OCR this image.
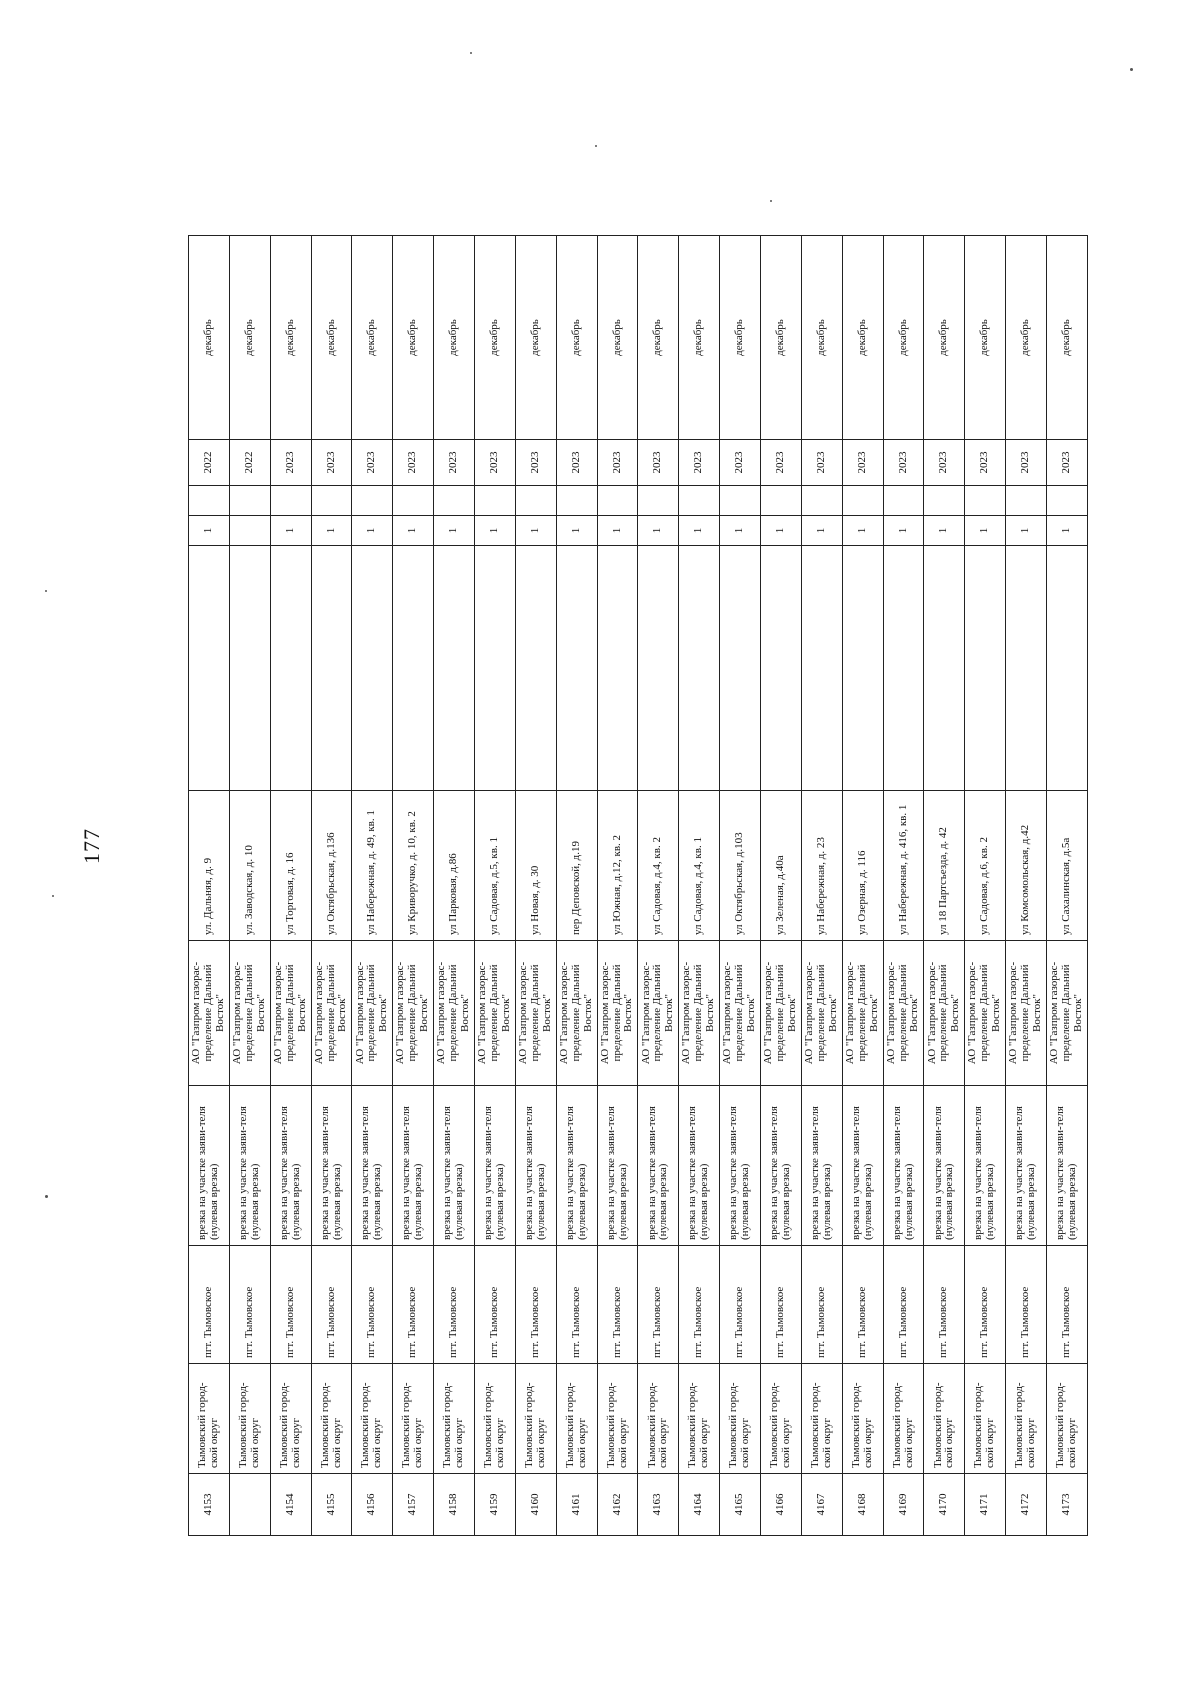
177
4153	Тымовский город-ской округ	пгт. Тымовское	врезка на участке заяви-теля (нулевая врезка)	АО "Газпром газорас-пределение Дальний Восток"	ул. Дальняя, д. 9		1		2022	декабрь
	Тымовский город-ской округ	пгт. Тымовское	врезка на участке заяви-теля (нулевая врезка)	АО "Газпром газорас-пределение Дальний Восток"	ул. Заводская, д. 10				2022	декабрь
4154	Тымовский город-ской округ	пгт. Тымовское	врезка на участке заяви-теля (нулевая врезка)	АО "Газпром газорас-пределение Дальний Восток"	ул Торговая, д. 16		1		2023	декабрь
4155	Тымовский город-ской округ	пгт. Тымовское	врезка на участке заяви-теля (нулевая врезка)	АО "Газпром газорас-пределение Дальний Восток"	ул Октябрьская, д.136		1		2023	декабрь
4156	Тымовский город-ской округ	пгт. Тымовское	врезка на участке заяви-теля (нулевая врезка)	АО "Газпром газорас-пределение Дальний Восток"	ул Набережная, д. 49, кв. 1		1		2023	декабрь
4157	Тымовский город-ской округ	пгт. Тымовское	врезка на участке заяви-теля (нулевая врезка)	АО "Газпром газорас-пределение Дальний Восток"	ул Криворучко, д. 10, кв. 2		1		2023	декабрь
4158	Тымовский город-ской округ	пгт. Тымовское	врезка на участке заяви-теля (нулевая врезка)	АО "Газпром газорас-пределение Дальний Восток"	ул Парковая, д.86		1		2023	декабрь
4159	Тымовский город-ской округ	пгт. Тымовское	врезка на участке заяви-теля (нулевая врезка)	АО "Газпром газорас-пределение Дальний Восток"	ул Садовая, д.5, кв. 1		1		2023	декабрь
4160	Тымовский город-ской округ	пгт. Тымовское	врезка на участке заяви-теля (нулевая врезка)	АО "Газпром газорас-пределение Дальний Восток"	ул Новая, д. 30		1		2023	декабрь
4161	Тымовский город-ской округ	пгт. Тымовское	врезка на участке заяви-теля (нулевая врезка)	АО "Газпром газорас-пределение Дальний Восток"	пер Деповской, д.19		1		2023	декабрь
4162	Тымовский город-ской округ	пгт. Тымовское	врезка на участке заяви-теля (нулевая врезка)	АО "Газпром газорас-пределение Дальний Восток"	ул Южная, д.12, кв. 2		1		2023	декабрь
4163	Тымовский город-ской округ	пгт. Тымовское	врезка на участке заяви-теля (нулевая врезка)	АО "Газпром газорас-пределение Дальний Восток"	ул Садовая, д.4, кв. 2		1		2023	декабрь
4164	Тымовский город-ской округ	пгт. Тымовское	врезка на участке заяви-теля (нулевая врезка)	АО "Газпром газорас-пределение Дальний Восток"	ул Садовая, д.4, кв. 1		1		2023	декабрь
4165	Тымовский город-ской округ	пгт. Тымовское	врезка на участке заяви-теля (нулевая врезка)	АО "Газпром газорас-пределение Дальний Восток"	ул Октябрьская, д.103		1		2023	декабрь
4166	Тымовский город-ской округ	пгт. Тымовское	врезка на участке заяви-теля (нулевая врезка)	АО "Газпром газорас-пределение Дальний Восток"	ул Зеленая, д.40а		1		2023	декабрь
4167	Тымовский город-ской округ	пгт. Тымовское	врезка на участке заяви-теля (нулевая врезка)	АО "Газпром газорас-пределение Дальний Восток"	ул Набережная, д. 23		1		2023	декабрь
4168	Тымовский город-ской округ	пгт. Тымовское	врезка на участке заяви-теля (нулевая врезка)	АО "Газпром газорас-пределение Дальний Восток"	ул Озерная, д. 116		1		2023	декабрь
4169	Тымовский город-ской округ	пгт. Тымовское	врезка на участке заяви-теля (нулевая врезка)	АО "Газпром газорас-пределение Дальний Восток"	ул Набережная, д. 416, кв. 1		1		2023	декабрь
4170	Тымовский город-ской округ	пгт. Тымовское	врезка на участке заяви-теля (нулевая врезка)	АО "Газпром газорас-пределение Дальний Восток"	ул 18 Партсъезда, д. 42		1		2023	декабрь
4171	Тымовский город-ской округ	пгт. Тымовское	врезка на участке заяви-теля (нулевая врезка)	АО "Газпром газорас-пределение Дальний Восток"	ул Садовая, д.6, кв. 2		1		2023	декабрь
4172	Тымовский город-ской округ	пгт. Тымовское	врезка на участке заяви-теля (нулевая врезка)	АО "Газпром газорас-пределение Дальний Восток"	ул Комсомольская, д.42		1		2023	декабрь
4173	Тымовский город-ской округ	пгт. Тымовское	врезка на участке заяви-теля (нулевая врезка)	АО "Газпром газорас-пределение Дальний Восток"	ул Сахалинская, д.5а		1		2023	декабрь
